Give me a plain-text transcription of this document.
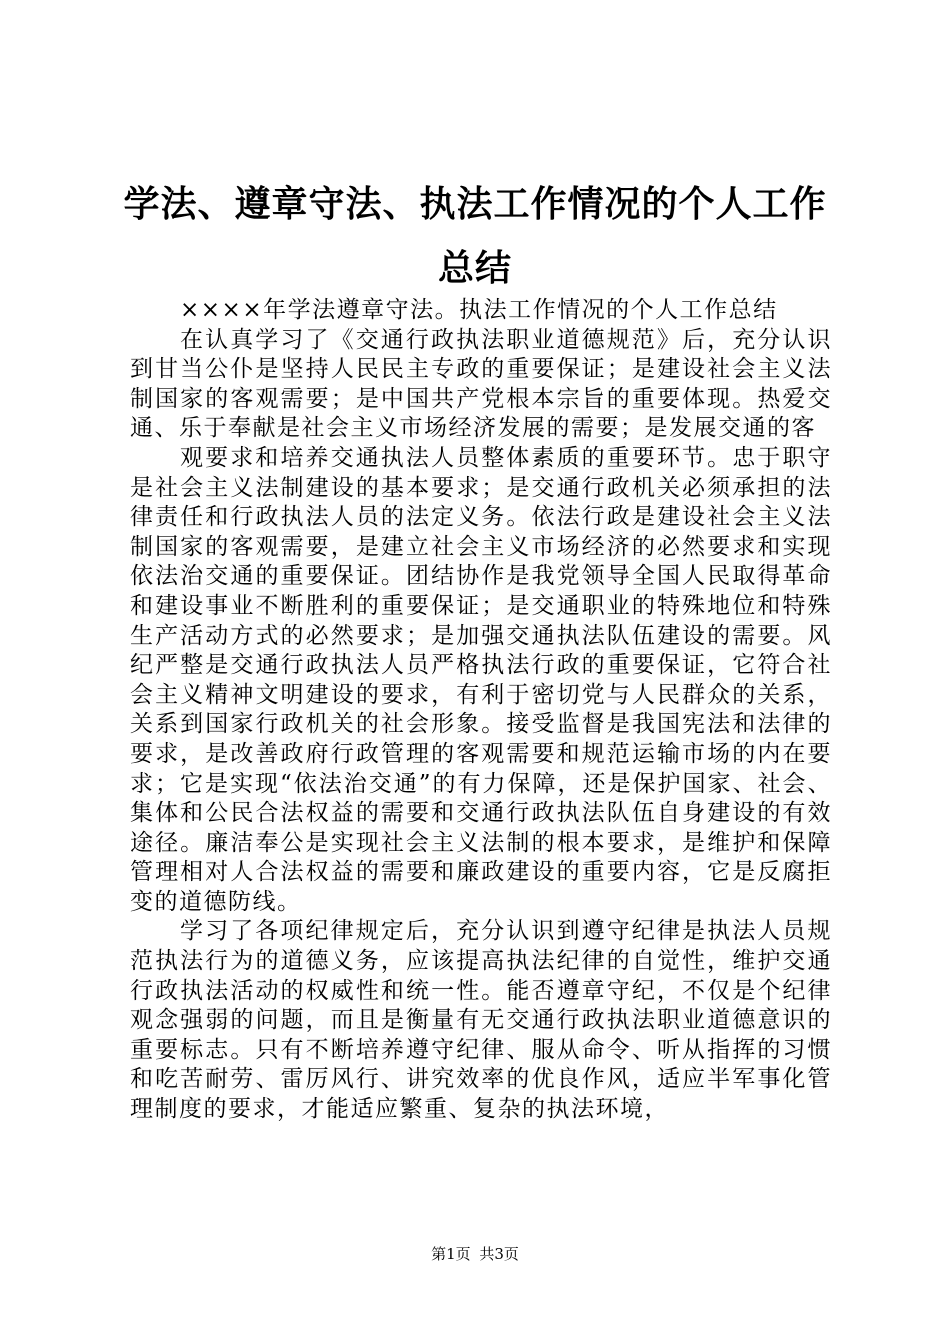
学法、遵章守法、执法工作情况的个人工作总结

××××年学法遵章守法。执法工作情况的个人工作总结

在认真学习了《交通行政执法职业道德规范》后，充分认识到甘当公仆是坚持人民民主专政的重要保证；是建设社会主义法制国家的客观需要；是中国共产党根本宗旨的重要体现。热爱交通、乐于奉献是社会主义市场经济发展的需要；是发展交通的客

观要求和培养交通执法人员整体素质的重要环节。忠于职守是社会主义法制建设的基本要求；是交通行政机关必须承担的法律责任和行政执法人员的法定义务。依法行政是建设社会主义法制国家的客观需要，是建立社会主义市场经济的必然要求和实现依法治交通的重要保证。团结协作是我党领导全国人民取得革命和建设事业不断胜利的重要保证；是交通职业的特殊地位和特殊生产活动方式的必然要求；是加强交通执法队伍建设的需要。风纪严整是交通行政执法人员严格执法行政的重要保证，它符合社会主义精神文明建设的要求，有利于密切党与人民群众的关系，关系到国家行政机关的社会形象。接受监督是我国宪法和法律的要求，是改善政府行政管理的客观需要和规范运输市场的内在要求；它是实现“依法治交通”的有力保障，还是保护国家、社会、集体和公民合法权益的需要和交通行政执法队伍自身建设的有效途径。廉洁奉公是实现社会主义法制的根本要求，是维护和保障管理相对人合法权益的需要和廉政建设的重要内容，它是反腐拒变的道德防线。

学习了各项纪律规定后，充分认识到遵守纪律是执法人员规范执法行为的道德义务，应该提高执法纪律的自觉性，维护交通行政执法活动的权威性和统一性。能否遵章守纪，不仅是个纪律观念强弱的问题，而且是衡量有无交通行政执法职业道德意识的重要标志。只有不断培养遵守纪律、服从命令、听从指挥的习惯和吃苦耐劳、雷厉风行、讲究效率的优良作风，适应半军事化管理制度的要求，才能适应繁重、复杂的执法环境，

第1页 共3页
